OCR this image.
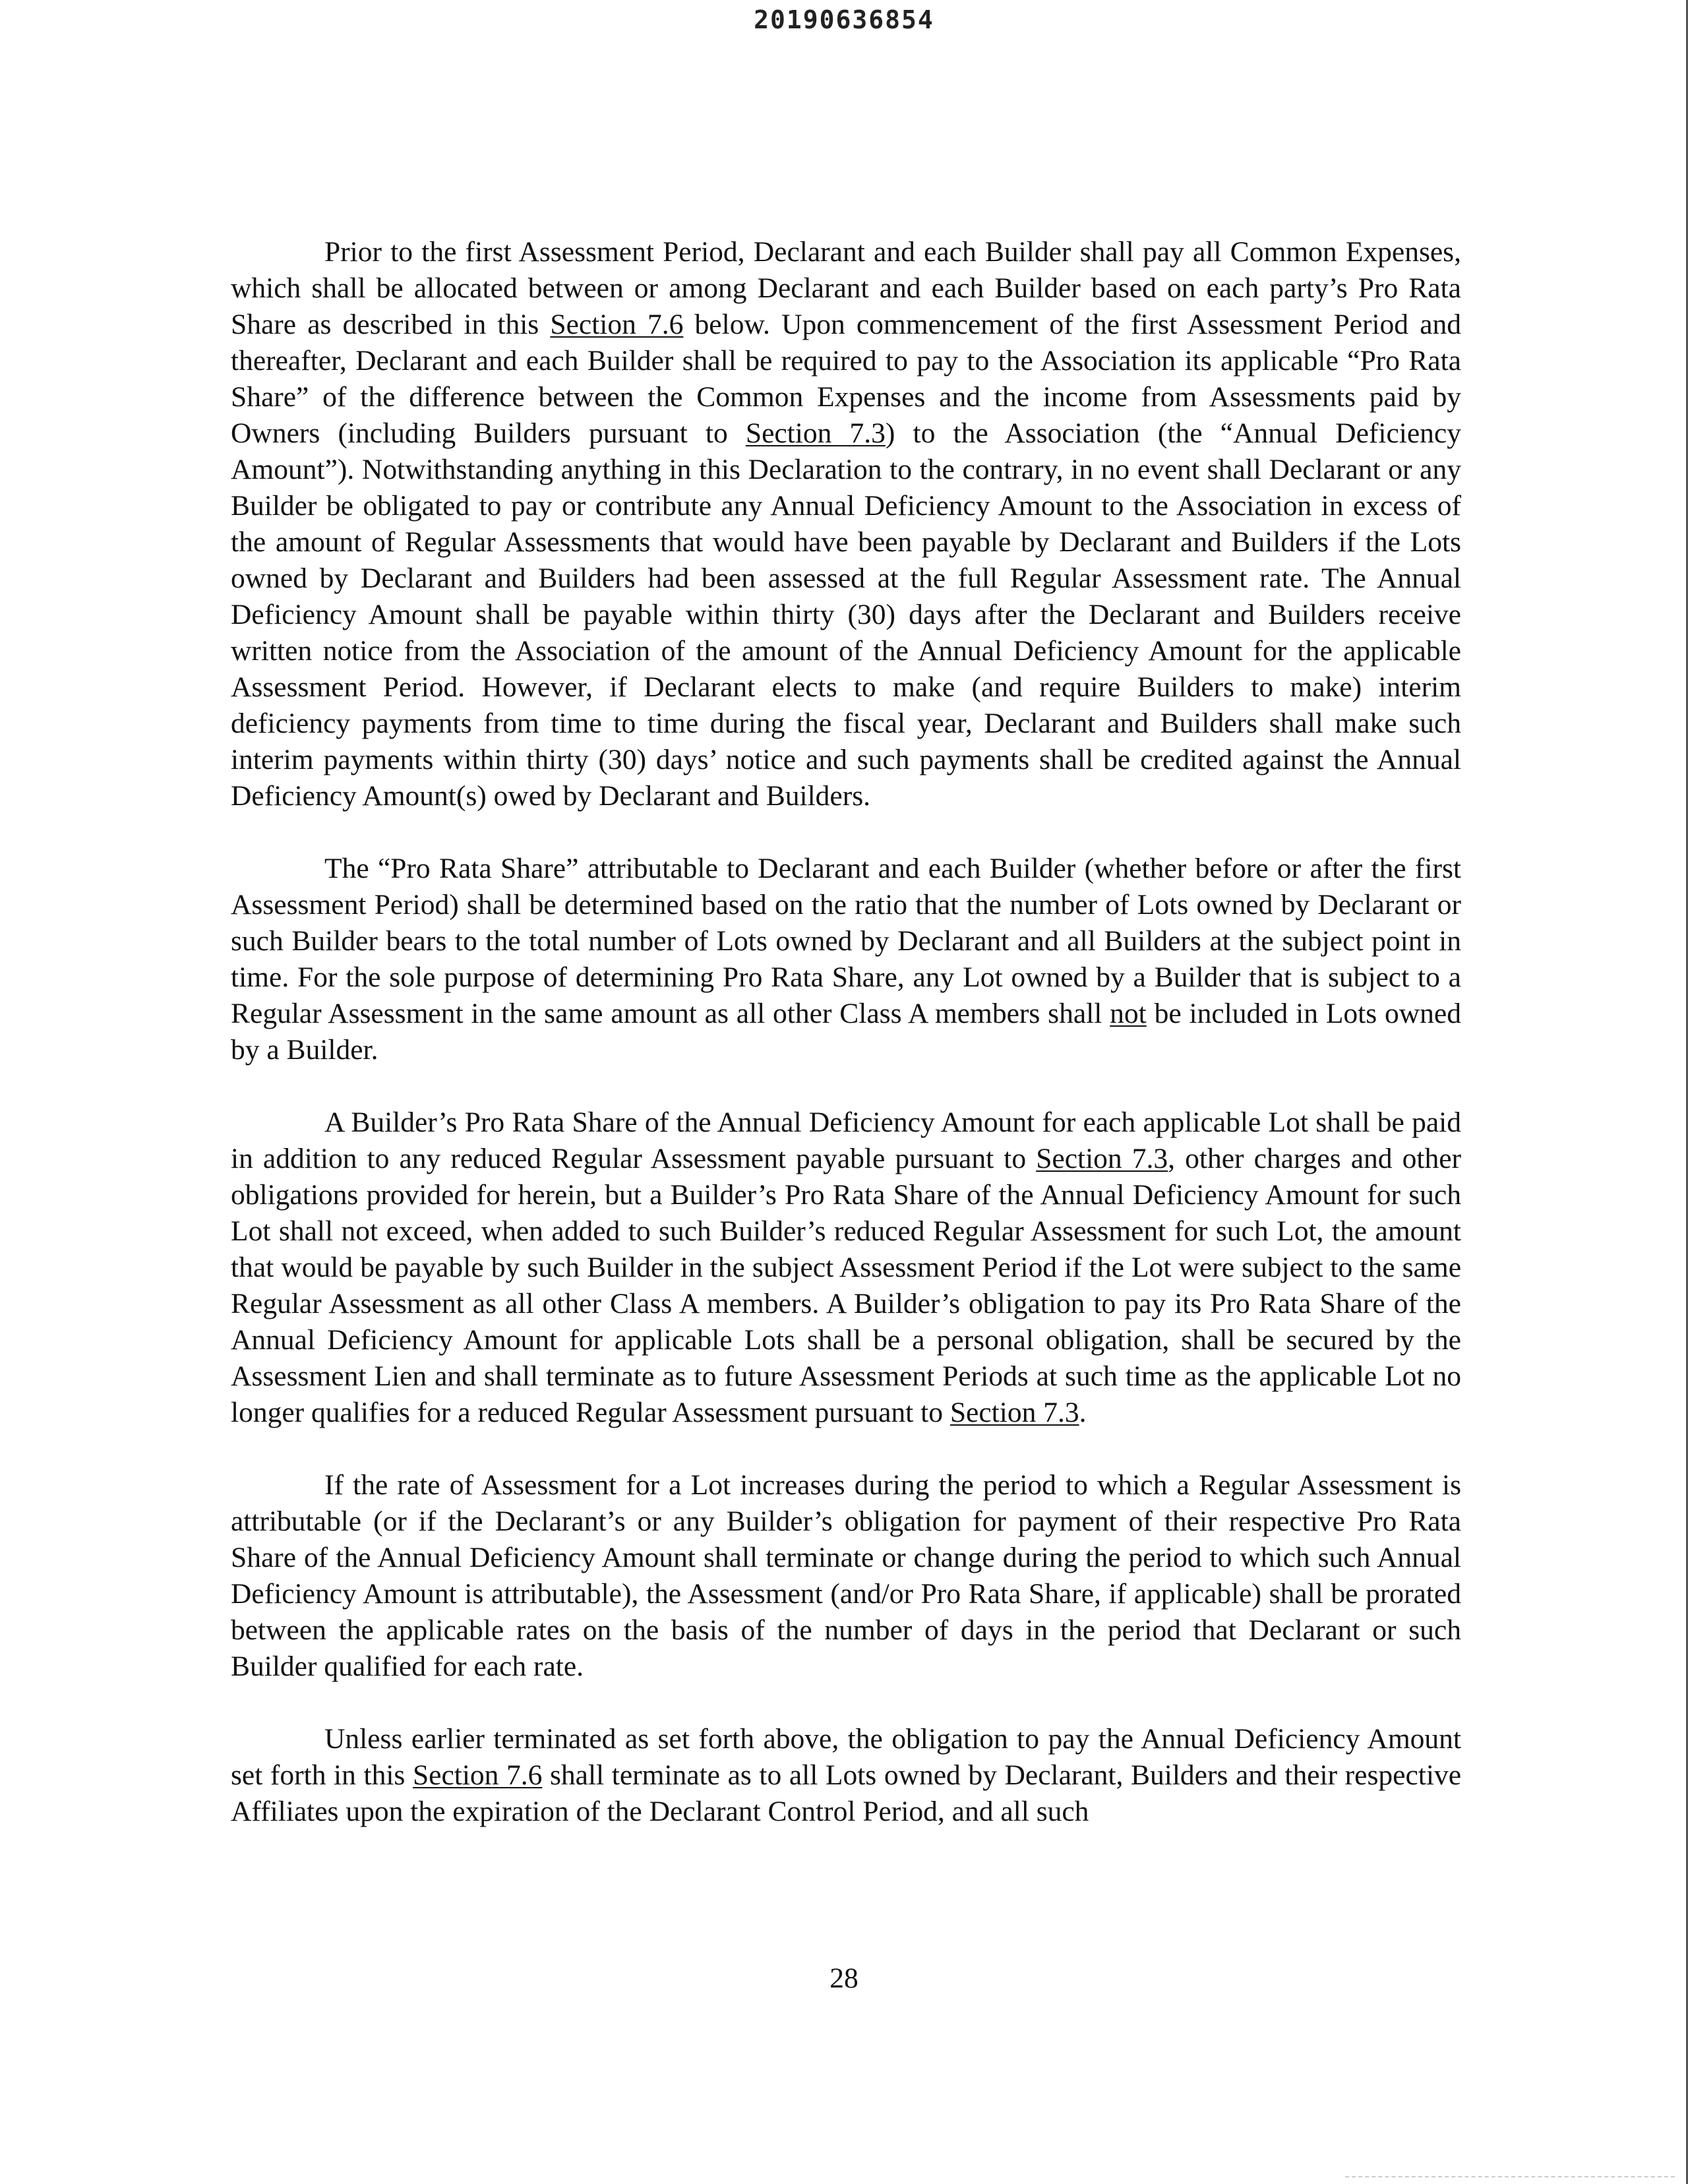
20190636854

Prior to the first Assessment Period, Declarant and each Builder shall pay all Common Expenses, which shall be allocated between or among Declarant and each Builder based on each party’s Pro Rata Share as described in this Section 7.6 below. Upon commencement of the first Assessment Period and thereafter, Declarant and each Builder shall be required to pay to the Association its applicable “Pro Rata Share” of the difference between the Common Expenses and the income from Assessments paid by Owners (including Builders pursuant to Section 7.3) to the Association (the “Annual Deficiency Amount”). Notwithstanding anything in this Declaration to the contrary, in no event shall Declarant or any Builder be obligated to pay or contribute any Annual Deficiency Amount to the Association in excess of the amount of Regular Assessments that would have been payable by Declarant and Builders if the Lots owned by Declarant and Builders had been assessed at the full Regular Assessment rate. The Annual Deficiency Amount shall be payable within thirty (30) days after the Declarant and Builders receive written notice from the Association of the amount of the Annual Deficiency Amount for the applicable Assessment Period. However, if Declarant elects to make (and require Builders to make) interim deficiency payments from time to time during the fiscal year, Declarant and Builders shall make such interim payments within thirty (30) days’ notice and such payments shall be credited against the Annual Deficiency Amount(s) owed by Declarant and Builders.

The “Pro Rata Share” attributable to Declarant and each Builder (whether before or after the first Assessment Period) shall be determined based on the ratio that the number of Lots owned by Declarant or such Builder bears to the total number of Lots owned by Declarant and all Builders at the subject point in time. For the sole purpose of determining Pro Rata Share, any Lot owned by a Builder that is subject to a Regular Assessment in the same amount as all other Class A members shall not be included in Lots owned by a Builder.

A Builder’s Pro Rata Share of the Annual Deficiency Amount for each applicable Lot shall be paid in addition to any reduced Regular Assessment payable pursuant to Section 7.3, other charges and other obligations provided for herein, but a Builder’s Pro Rata Share of the Annual Deficiency Amount for such Lot shall not exceed, when added to such Builder’s reduced Regular Assessment for such Lot, the amount that would be payable by such Builder in the subject Assessment Period if the Lot were subject to the same Regular Assessment as all other Class A members. A Builder’s obligation to pay its Pro Rata Share of the Annual Deficiency Amount for applicable Lots shall be a personal obligation, shall be secured by the Assessment Lien and shall terminate as to future Assessment Periods at such time as the applicable Lot no longer qualifies for a reduced Regular Assessment pursuant to Section 7.3.

If the rate of Assessment for a Lot increases during the period to which a Regular Assessment is attributable (or if the Declarant’s or any Builder’s obligation for payment of their respective Pro Rata Share of the Annual Deficiency Amount shall terminate or change during the period to which such Annual Deficiency Amount is attributable), the Assessment (and/or Pro Rata Share, if applicable) shall be prorated between the applicable rates on the basis of the number of days in the period that Declarant or such Builder qualified for each rate.

Unless earlier terminated as set forth above, the obligation to pay the Annual Deficiency Amount set forth in this Section 7.6 shall terminate as to all Lots owned by Declarant, Builders and their respective Affiliates upon the expiration of the Declarant Control Period, and all such

28
